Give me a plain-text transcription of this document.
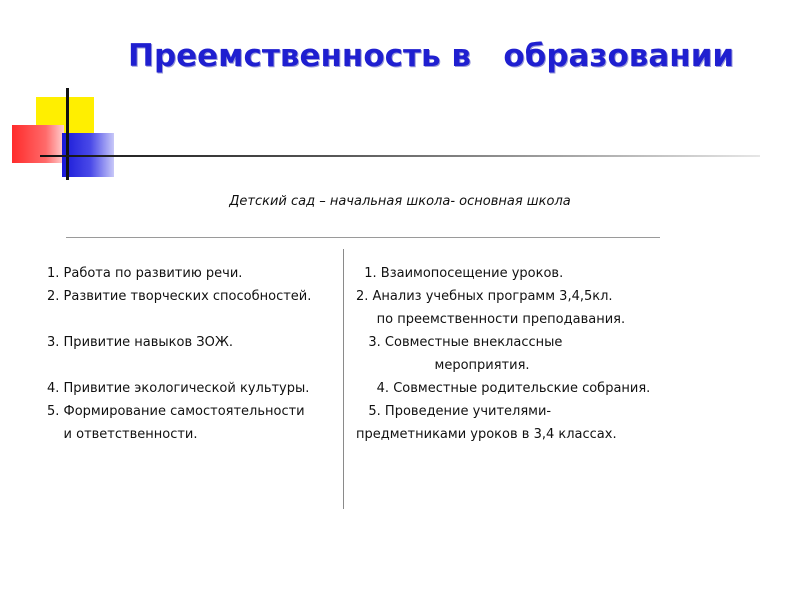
Преемственность в   образовании

Детский сад – начальная школа- основная школа

1. Работа по развитию речи.
2. Развитие творческих способностей.
3. Привитие навыков ЗОЖ.
4. Привитие экологической культуры.
5. Формирование самостоятельности
и ответственности.
1. Взаимопосещение уроков.
2. Анализ учебных программ 3,4,5кл.
по преемственности преподавания.
3. Совместные внеклассные
мероприятия.
4. Совместные родительские собрания.
5. Проведение учителями-
предметниками уроков в 3,4 классах.
